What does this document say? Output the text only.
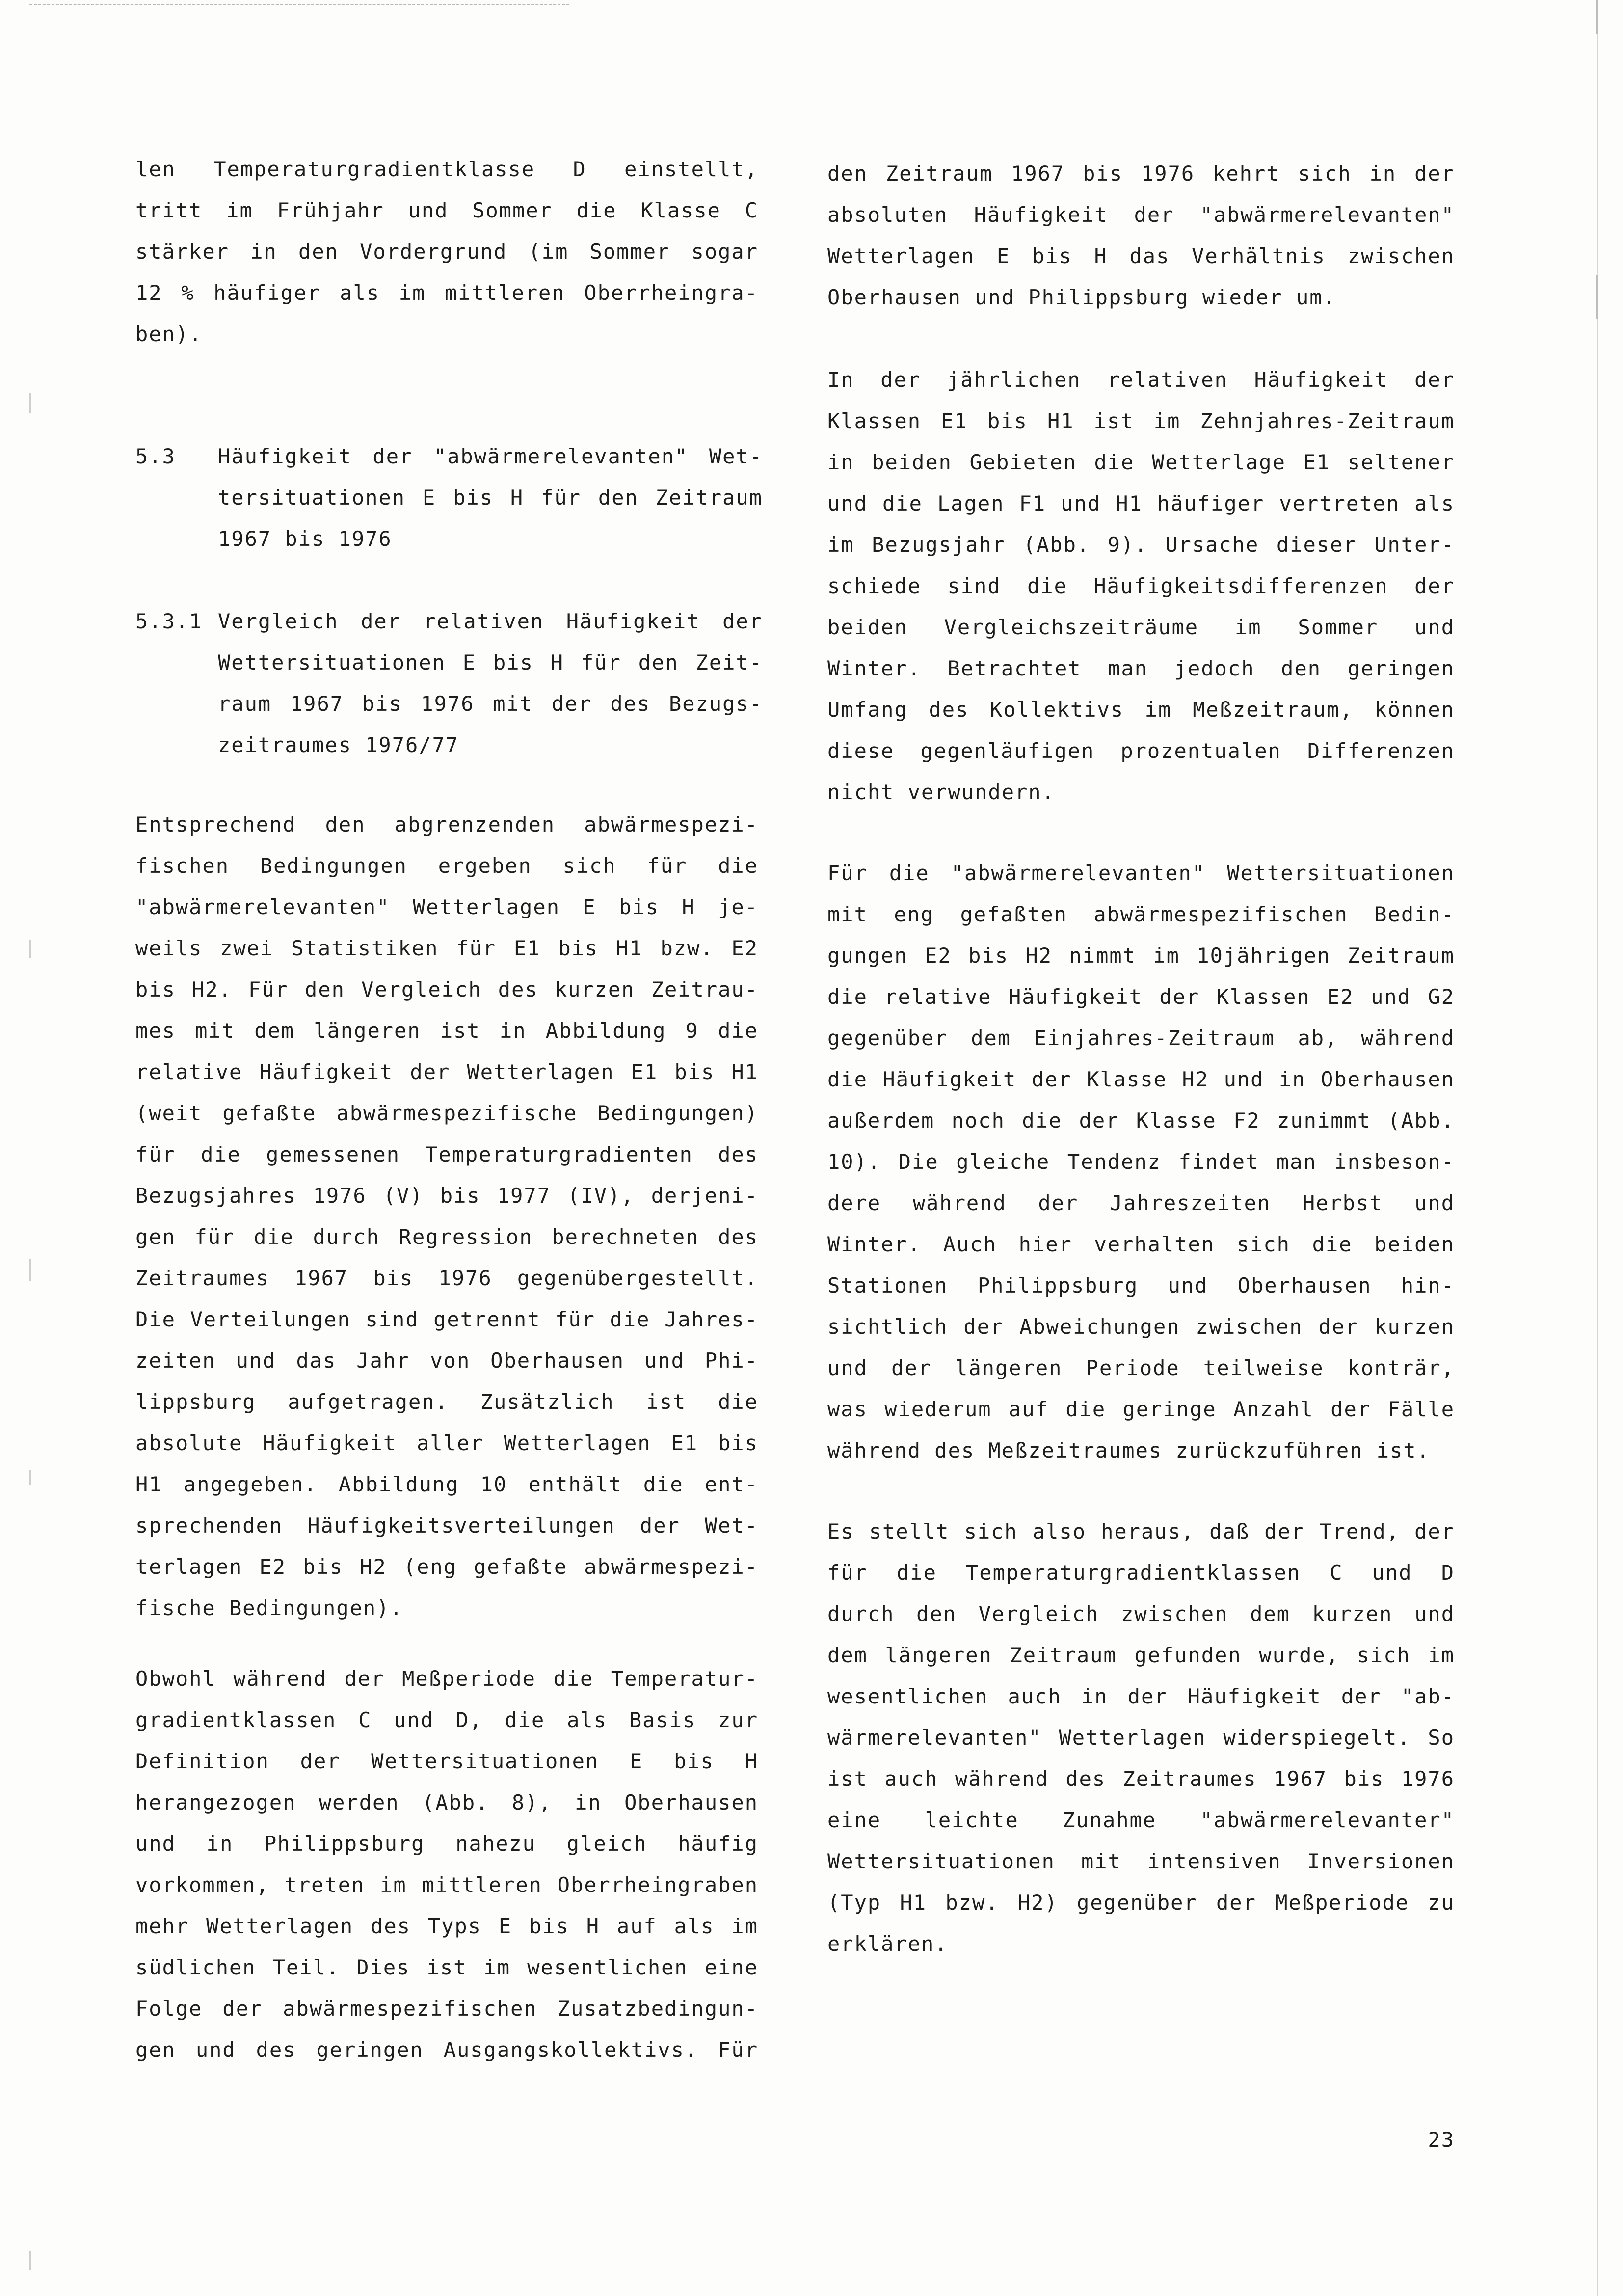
len Temperaturgradientklasse D einstellt,
tritt im Frühjahr und Sommer die Klasse C
stärker in den Vordergrund (im Sommer sogar
12 % häufiger als im mittleren Oberrheingra-
ben).
5.3 Häufigkeit der "abwärmerelevanten" Wet-
tersituationen E bis H für den Zeitraum
1967 bis 1976
5.3.1 Vergleich der relativen Häufigkeit der
Wettersituationen E bis H für den Zeit-
raum 1967 bis 1976 mit der des Bezugs-
zeitraumes 1976/77
Entsprechend den abgrenzenden abwärmespezi-
fischen Bedingungen ergeben sich für die
"abwärmerelevanten" Wetterlagen E bis H je-
weils zwei Statistiken für E1 bis H1 bzw. E2
bis H2. Für den Vergleich des kurzen Zeitrau-
mes mit dem längeren ist in Abbildung 9 die
relative Häufigkeit der Wetterlagen E1 bis H1
(weit gefaßte abwärmespezifische Bedingungen)
für die gemessenen Temperaturgradienten des
Bezugsjahres 1976 (V) bis 1977 (IV), derjeni-
gen für die durch Regression berechneten des
Zeitraumes 1967 bis 1976 gegenübergestellt.
Die Verteilungen sind getrennt für die Jahres-
zeiten und das Jahr von Oberhausen und Phi-
lippsburg aufgetragen. Zusätzlich ist die
absolute Häufigkeit aller Wetterlagen E1 bis
H1 angegeben. Abbildung 10 enthält die ent-
sprechenden Häufigkeitsverteilungen der Wet-
terlagen E2 bis H2 (eng gefaßte abwärmespezi-
fische Bedingungen).
Obwohl während der Meßperiode die Temperatur-
gradientklassen C und D, die als Basis zur
Definition der Wettersituationen E bis H
herangezogen werden (Abb. 8), in Oberhausen
und in Philippsburg nahezu gleich häufig
vorkommen, treten im mittleren Oberrheingraben
mehr Wetterlagen des Typs E bis H auf als im
südlichen Teil. Dies ist im wesentlichen eine
Folge der abwärmespezifischen Zusatzbedingun-
gen und des geringen Ausgangskollektivs. Für
den Zeitraum 1967 bis 1976 kehrt sich in der
absoluten Häufigkeit der "abwärmerelevanten"
Wetterlagen E bis H das Verhältnis zwischen
Oberhausen und Philippsburg wieder um.
In der jährlichen relativen Häufigkeit der
Klassen E1 bis H1 ist im Zehnjahres-Zeitraum
in beiden Gebieten die Wetterlage E1 seltener
und die Lagen F1 und H1 häufiger vertreten als
im Bezugsjahr (Abb. 9). Ursache dieser Unter-
schiede sind die Häufigkeitsdifferenzen der
beiden Vergleichszeiträume im Sommer und
Winter. Betrachtet man jedoch den geringen
Umfang des Kollektivs im Meßzeitraum, können
diese gegenläufigen prozentualen Differenzen
nicht verwundern.
Für die "abwärmerelevanten" Wettersituationen
mit eng gefaßten abwärmespezifischen Bedin-
gungen E2 bis H2 nimmt im 10jährigen Zeitraum
die relative Häufigkeit der Klassen E2 und G2
gegenüber dem Einjahres-Zeitraum ab, während
die Häufigkeit der Klasse H2 und in Oberhausen
außerdem noch die der Klasse F2 zunimmt (Abb.
10). Die gleiche Tendenz findet man insbeson-
dere während der Jahreszeiten Herbst und
Winter. Auch hier verhalten sich die beiden
Stationen Philippsburg und Oberhausen hin-
sichtlich der Abweichungen zwischen der kurzen
und der längeren Periode teilweise konträr,
was wiederum auf die geringe Anzahl der Fälle
während des Meßzeitraumes zurückzuführen ist.
Es stellt sich also heraus, daß der Trend, der
für die Temperaturgradientklassen C und D
durch den Vergleich zwischen dem kurzen und
dem längeren Zeitraum gefunden wurde, sich im
wesentlichen auch in der Häufigkeit der "ab-
wärmerelevanten" Wetterlagen widerspiegelt. So
ist auch während des Zeitraumes 1967 bis 1976
eine leichte Zunahme "abwärmerelevanter"
Wettersituationen mit intensiven Inversionen
(Typ H1 bzw. H2) gegenüber der Meßperiode zu
erklären.
23
